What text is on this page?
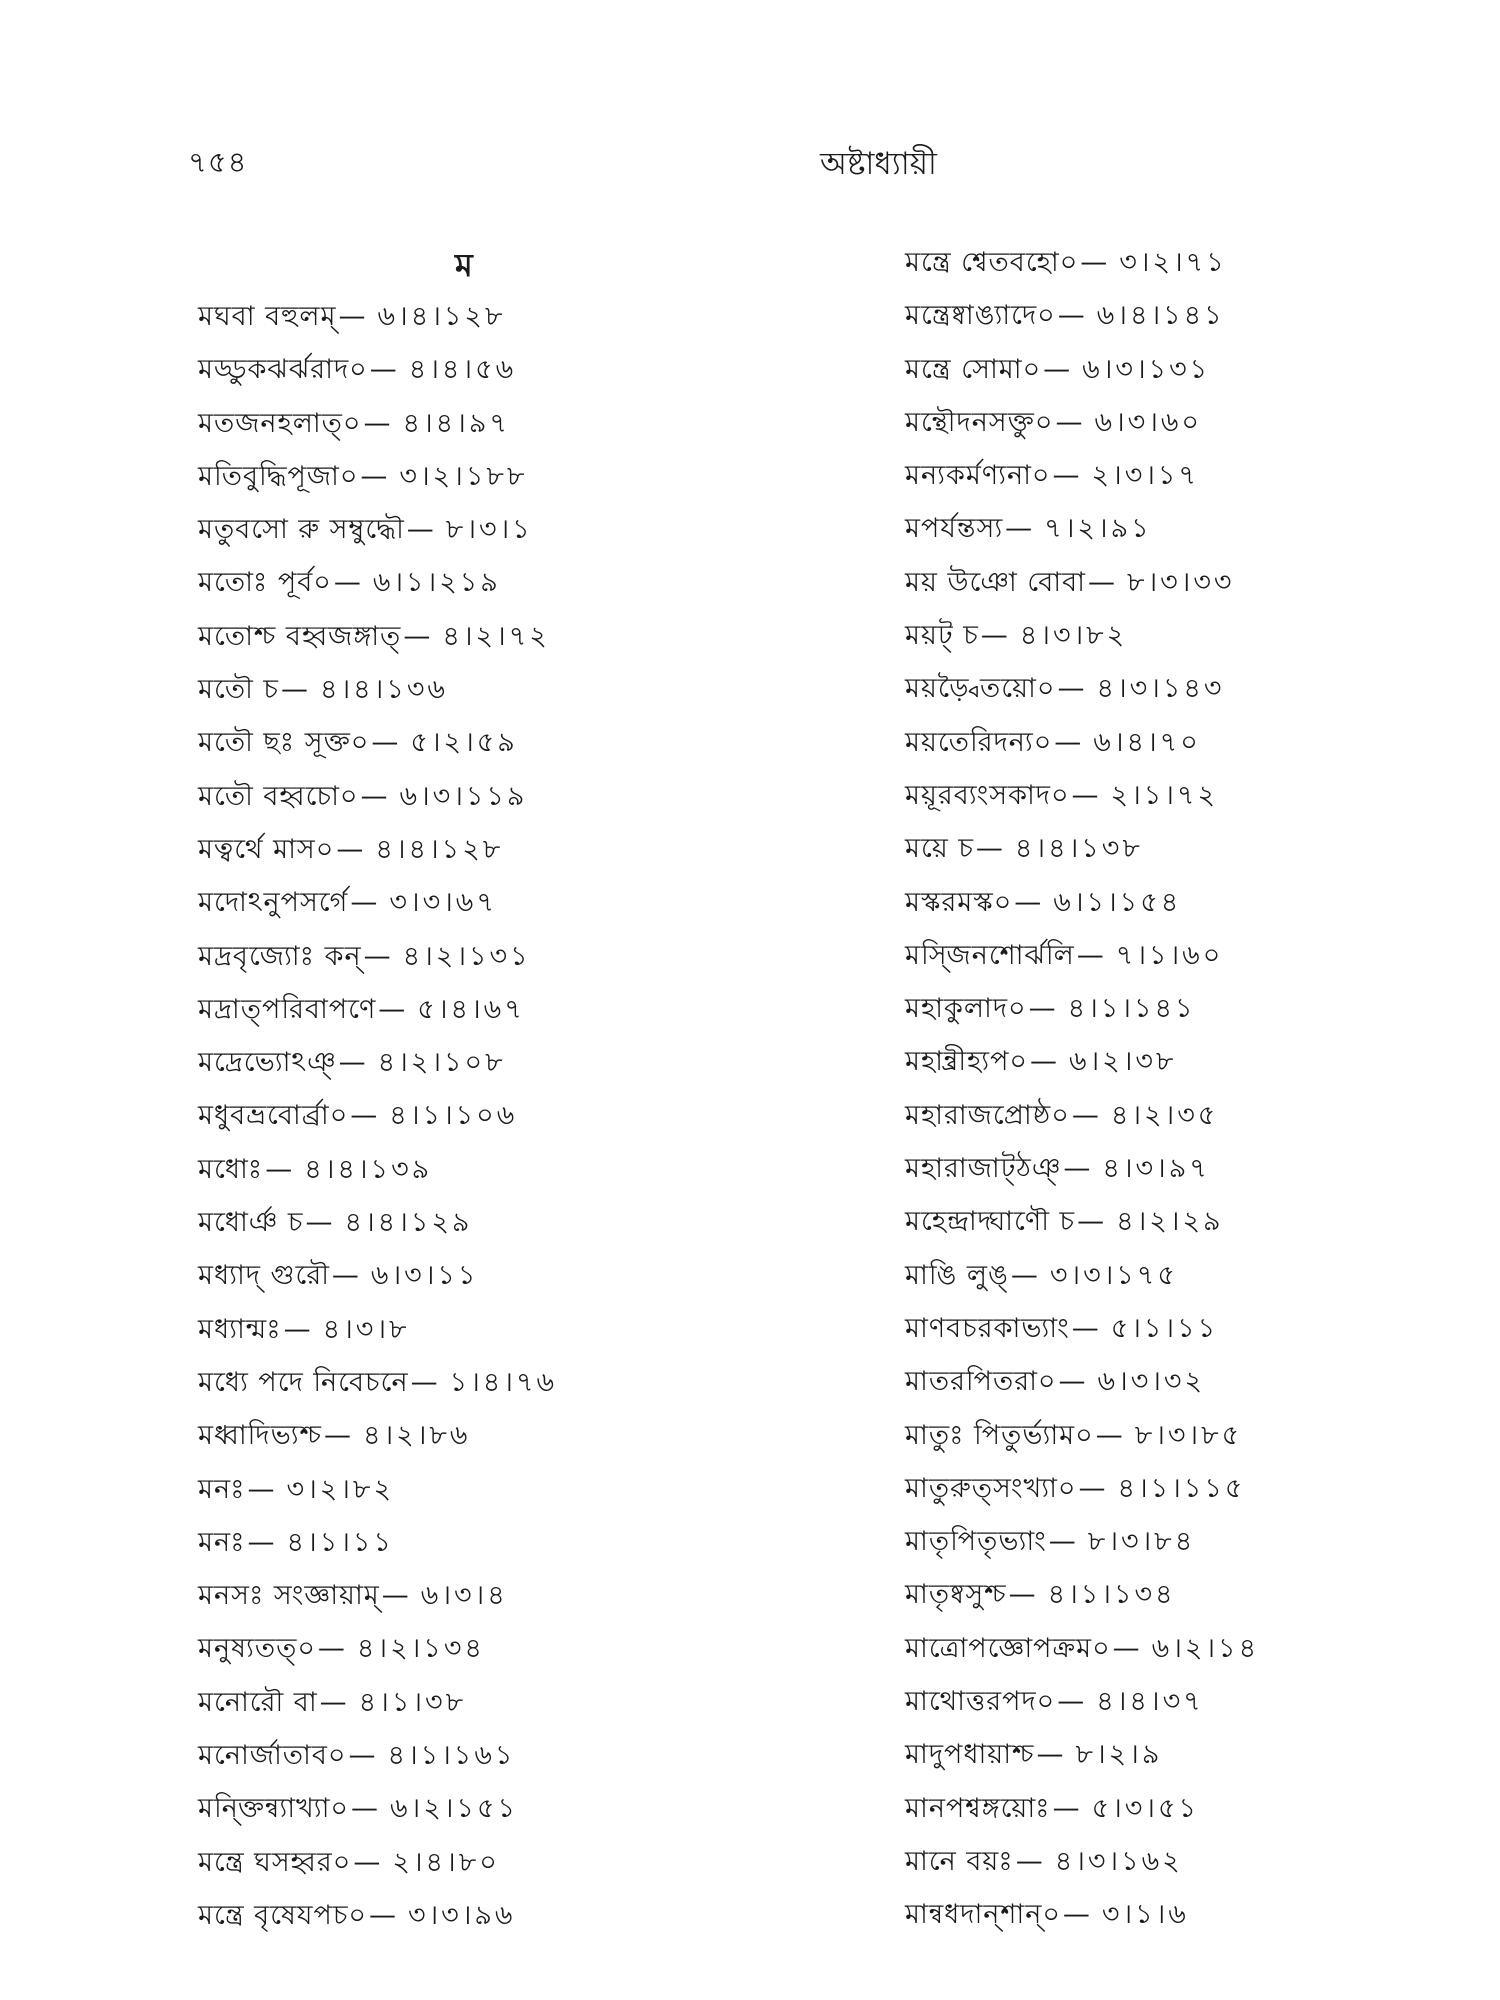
৭৫৪	অষ্টাধ্যায়ী
ম
মঘবা বহুলম্— ৬।৪।১২৮
মড্ডুকঝর্ঝরাদ০— ৪।৪।৫৬
মতজনহলাত্০— ৪।৪।৯৭
মতিবুদ্ধিপূজা০— ৩।২।১৮৮
মতুবসো রু সম্বুদ্ধৌ— ৮।৩।১
মতোঃ পূর্ব০— ৬।১।২১৯
মতোশ্চ বহ্বজঙ্গাত্— ৪।২।৭২
মতৌ চ— ৪।৪।১৩৬
মতৌ ছঃ সূক্ত০— ৫।২।৫৯
মতৌ বহ্বচো০— ৬।৩।১১৯
মত্বর্থে মাস০— ৪।৪।১২৮
মদোঽনুপসর্গে— ৩।৩।৬৭
মদ্রবৃজ্যোঃ কন্— ৪।২।১৩১
মদ্রাত্পরিবাপণে— ৫।৪।৬৭
মদ্রেভ্যোঽঞ্— ৪।২।১০৮
মধুবভ্রবোর্ব্রা০— ৪।১।১০৬
মধোঃ— ৪।৪।১৩৯
মধোর্ঞ চ— ৪।৪।১২৯
মধ্যাদ্ গুরৌ— ৬।৩।১১
মধ্যান্মঃ— ৪।৩।৮
মধ্যে পদে নিবেচনে— ১।৪।৭৬
মধ্বাদিভ্যশ্চ— ৪।২।৮৬
মনঃ— ৩।২।৮২
মনঃ— ৪।১।১১
মনসঃ সংজ্ঞায়াম্— ৬।৩।৪
মনুষ্যতত্০— ৪।২।১৩৪
মনোরৌ বা— ৪।১।৩৮
মনোর্জাতাব০— ৪।১।১৬১
মন্ক্তিন্ব্যাখ্যা০— ৬।২।১৫১
মন্ত্রে ঘসহ্বর০— ২।৪।৮০
মন্ত্রে বৃষেযপচ০— ৩।৩।৯৬
মন্ত্রে শ্বেতবহো০— ৩।২।৭১
মন্ত্রেষ্বাঙ্যাদে০— ৬।৪।১৪১
মন্ত্রে সোমা০— ৬।৩।১৩১
মন্থৌদনসক্তু০— ৬।৩।৬০
মন্যকর্মণ্যনা০— ২।৩।১৭
মপর্যন্তস্য— ৭।২।৯১
ময় উঞো বোবা— ৮।৩।৩৩
ময়ট্ চ— ৪।৩।৮২
ময়ড়্বৈতয়ো০— ৪।৩।১৪৩
ময়তেরিদন্য০— ৬।৪।৭০
ময়ূরব্যংসকাদ০— ২।১।৭২
ময়ে চ— ৪।৪।১৩৮
মস্করমস্ক০— ৬।১।১৫৪
মস্জিনশোর্ঝলি— ৭।১।৬০
মহাকুলাদ০— ৪।১।১৪১
মহান্ব্রীহ্যপ০— ৬।২।৩৮
মহারাজপ্রোষ্ঠ০— ৪।২।৩৫
মহারাজাট্ঠঞ্— ৪।৩।৯৭
মহেন্দ্রাদ্ঘাণৌ চ— ৪।২।২৯
মাঙি লুঙ্— ৩।৩।১৭৫
মাণবচরকাভ্যাং— ৫।১।১১
মাতরপিতরা০— ৬।৩।৩২
মাতুঃ পিতুর্ভ্যাম০— ৮।৩।৮৫
মাতুরুত্সংখ্যা০— ৪।১।১১৫
মাতৃপিতৃভ্যাং— ৮।৩।৮৪
মাতৃষ্বসুশ্চ— ৪।১।১৩৪
মাত্রোপজ্ঞোপক্রম০— ৬।২।১৪
মাথোত্তরপদ০— ৪।৪।৩৭
মাদুপধায়াশ্চ— ৮।২।৯
মানপশ্বঙ্গয়োঃ— ৫।৩।৫১
মানে বয়ঃ— ৪।৩।১৬২
মান্বধদান্শান্০— ৩।১।৬
